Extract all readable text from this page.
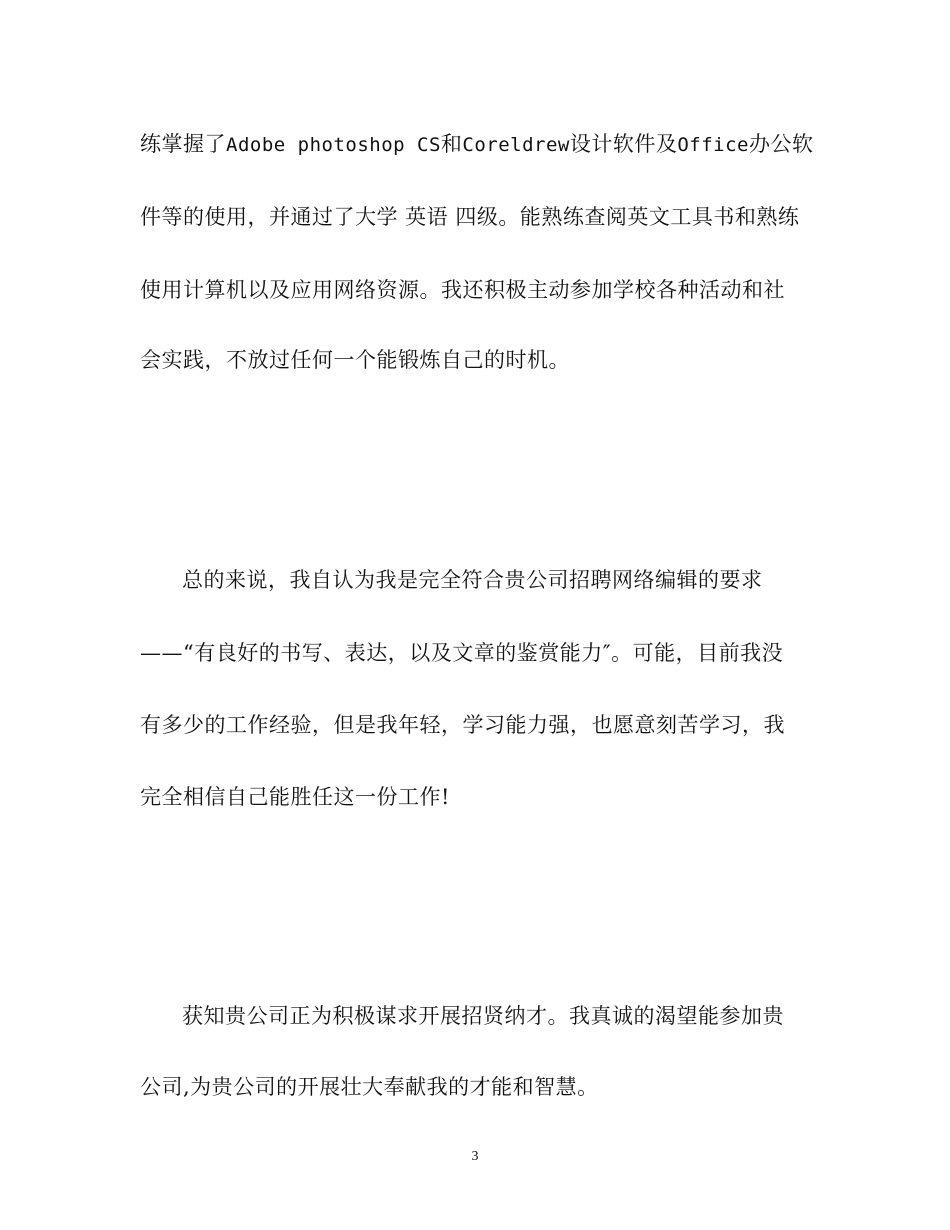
练掌握了Adobe photoshop CS和Coreldrew设计软件及Office办公软
件等的使用，并通过了大学 英语 四级。能熟练查阅英文工具书和熟练
使用计算机以及应用网络资源。我还积极主动参加学校各种活动和社
会实践，不放过任何一个能锻炼自己的时机。
总的来说，我自认为我是完全符合贵公司招聘网络编辑的要求
——“有良好的书写、表达，以及文章的鉴赏能力″。可能，目前我没
有多少的工作经验，但是我年轻，学习能力强，也愿意刻苦学习，我
完全相信自己能胜任这一份工作!
获知贵公司正为积极谋求开展招贤纳才。我真诚的渴望能参加贵
公司,为贵公司的开展壮大奉献我的才能和智慧。
3
